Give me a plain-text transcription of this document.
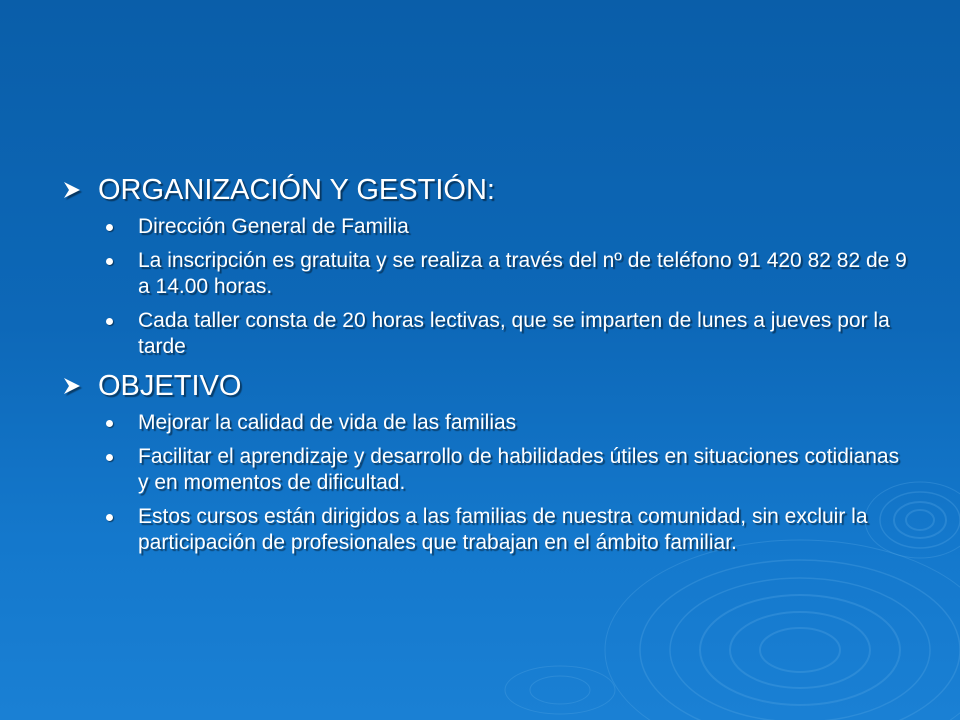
ORGANIZACIÓN Y GESTIÓN:
Dirección General de Familia
La inscripción es gratuita y se realiza a través del nº de teléfono 91 420 82 82 de 9 a 14.00 horas.
Cada taller consta de 20 horas lectivas, que se imparten de lunes a jueves por la tarde
OBJETIVO
Mejorar la calidad de vida de las familias
Facilitar el aprendizaje y desarrollo de habilidades útiles en situaciones cotidianas y en momentos de dificultad.
Estos cursos están dirigidos a las familias de nuestra comunidad, sin excluir la participación de profesionales que trabajan en el ámbito familiar.
